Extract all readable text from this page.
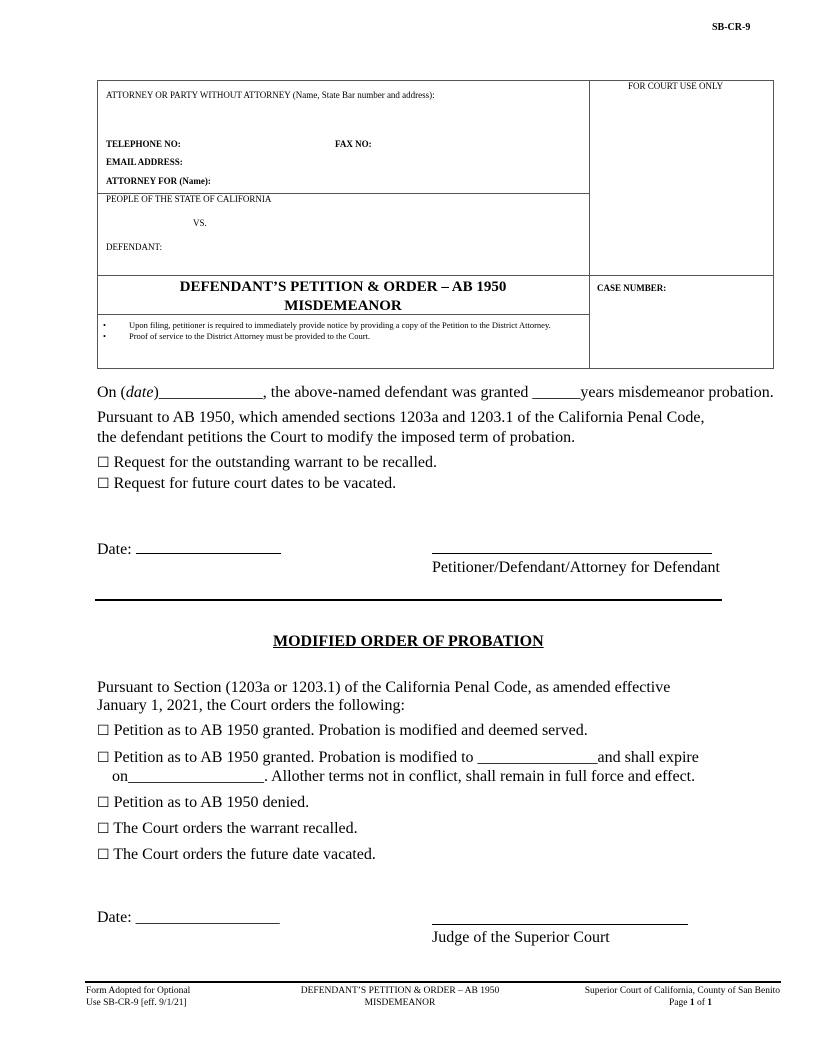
SB-CR-9
ATTORNEY OR PARTY WITHOUT ATTORNEY (Name, State Bar number and address):
FOR COURT USE ONLY
TELEPHONE NO:	FAX NO:
EMAIL ADDRESS:
ATTORNEY FOR (Name):
PEOPLE OF THE STATE OF CALIFORNIA
VS.
DEFENDANT:
DEFENDANT’S PETITION & ORDER – AB 1950
MISDEMEANOR
CASE NUMBER:
•	Upon filing, petitioner is required to immediately provide notice by providing a copy of the Petition to the District Attorney.
•	Proof of service to the District Attorney must be provided to the Court.
On (date)_____________, the above-named defendant was granted ______years misdemeanor probation.
Pursuant to AB 1950, which amended sections 1203a and 1203.1 of the California Penal Code,
the defendant petitions the Court to modify the imposed term of probation.
☐ Request for the outstanding warrant to be recalled.
☐ Request for future court dates to be vacated.
Date:
Petitioner/Defendant/Attorney for Defendant
MODIFIED ORDER OF PROBATION
Pursuant to Section (1203a or 1203.1) of the California Penal Code, as amended effective
January 1, 2021, the Court orders the following:
☐ Petition as to AB 1950 granted. Probation is modified and deemed served.
☐ Petition as to AB 1950 granted. Probation is modified to _______________and shall expire
on_________________. Allother terms not in conflict, shall remain in full force and effect.
☐ Petition as to AB 1950 denied.
☐ The Court orders the warrant recalled.
☐ The Court orders the future date vacated.
Date: __________________
Judge of the Superior Court
Form Adopted for Optional
Use SB-CR-9 [eff. 9/1/21]
DEFENDANT’S PETITION & ORDER – AB 1950
MISDEMEANOR
Superior Court of California, County of San Benito
Page 1 of 1
